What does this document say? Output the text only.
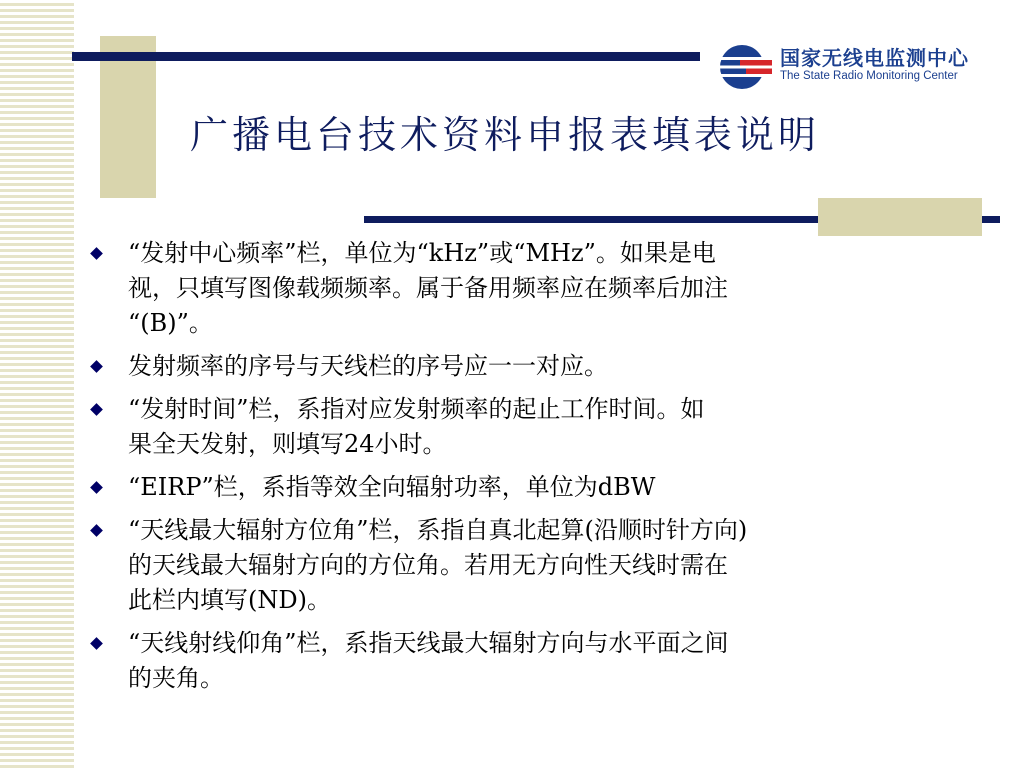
国家无线电监测中心
The State Radio Monitoring Center
广播电台技术资料申报表填表说明
“发射中心频率”栏，单位为“kHz”或“MHz”。如果是电
视，只填写图像载频频率。属于备用频率应在频率后加注
“(B)”。
发射频率的序号与天线栏的序号应一一对应。
“发射时间”栏，系指对应发射频率的起止工作时间。如
果全天发射，则填写24小时。
“EIRP”栏，系指等效全向辐射功率，单位为dBW
“天线最大辐射方位角”栏，系指自真北起算(沿顺时针方向)
的天线最大辐射方向的方位角。若用无方向性天线时需在
此栏内填写(ND)。
“天线射线仰角”栏，系指天线最大辐射方向与水平面之间
的夹角。
